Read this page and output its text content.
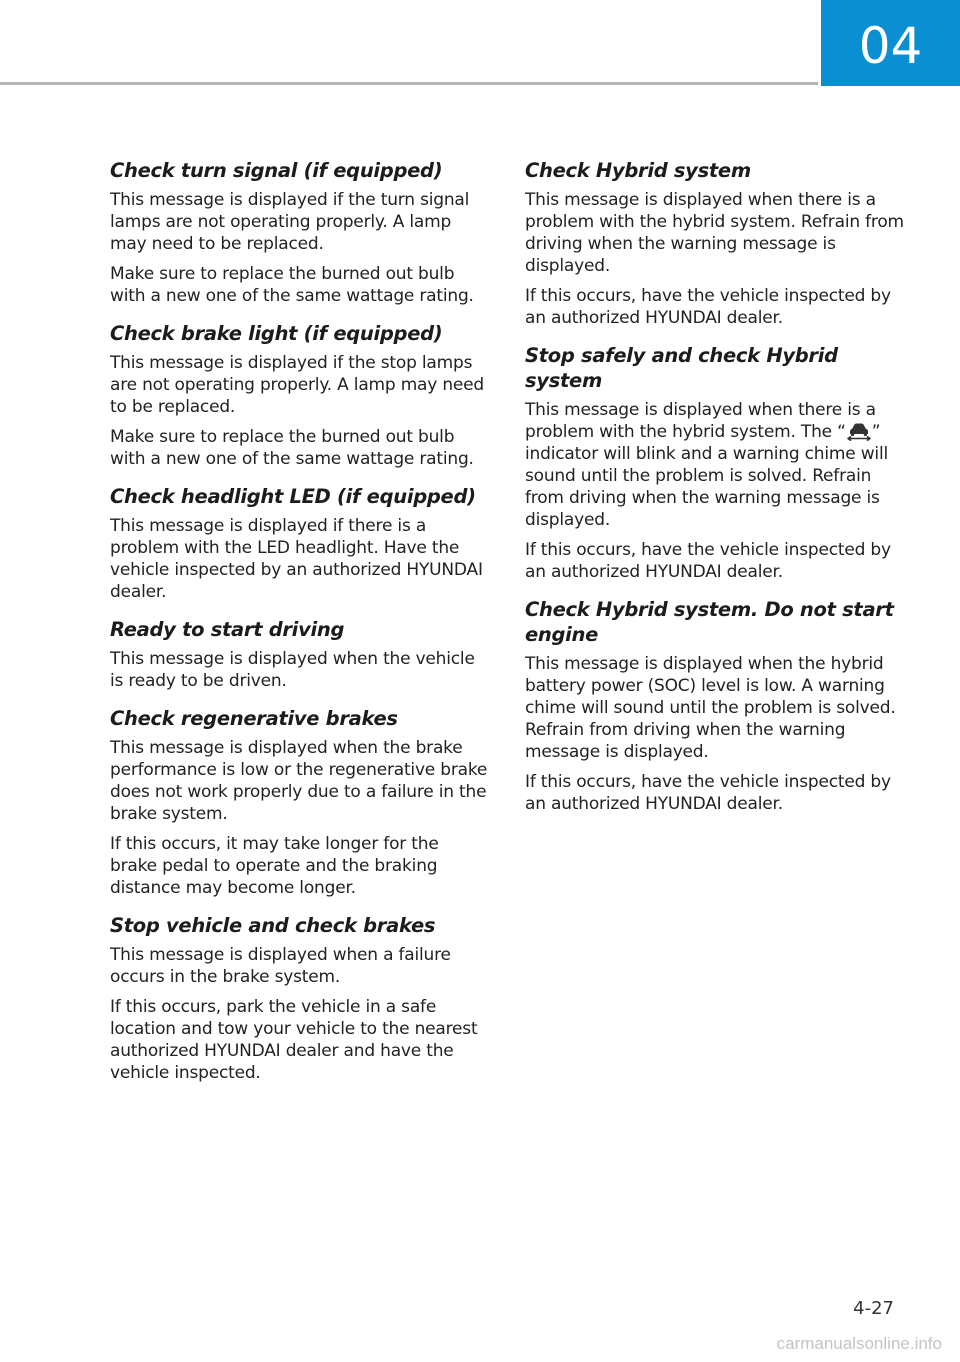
04
Check turn signal (if equipped)

This message is displayed if the turn signal lamps are not operating properly. A lamp may need to be replaced.

Make sure to replace the burned out bulb with a new one of the same wattage rating.

Check brake light (if equipped)

This message is displayed if the stop lamps are not operating properly. A lamp may need to be replaced.

Make sure to replace the burned out bulb with a new one of the same wattage rating.

Check headlight LED (if equipped)

This message is displayed if there is a problem with the LED headlight. Have the vehicle inspected by an authorized HYUNDAI dealer.

Ready to start driving

This message is displayed when the vehicle is ready to be driven.

Check regenerative brakes

This message is displayed when the brake performance is low or the regenerative brake does not work properly due to a failure in the brake system.

If this occurs, it may take longer for the brake pedal to operate and the braking distance may become longer.

Stop vehicle and check brakes

This message is displayed when a failure occurs in the brake system.

If this occurs, park the vehicle in a safe location and tow your vehicle to the nearest authorized HYUNDAI dealer and have the vehicle inspected.

Check Hybrid system

This message is displayed when there is a problem with the hybrid system. Refrain from driving when the warning message is displayed.

If this occurs, have the vehicle inspected by an authorized HYUNDAI dealer.

Stop safely and check Hybrid system

This message is displayed when there is a problem with the hybrid system. The “ ” indicator will blink and a warning chime will sound until the problem is solved. Refrain from driving when the warning message is displayed.

If this occurs, have the vehicle inspected by an authorized HYUNDAI dealer.

Check Hybrid system. Do not start engine

This message is displayed when the hybrid battery power (SOC) level is low. A warning chime will sound until the problem is solved. Refrain from driving when the warning message is displayed.

If this occurs, have the vehicle inspected by an authorized HYUNDAI dealer.

4-27
carmanualsonline.info
